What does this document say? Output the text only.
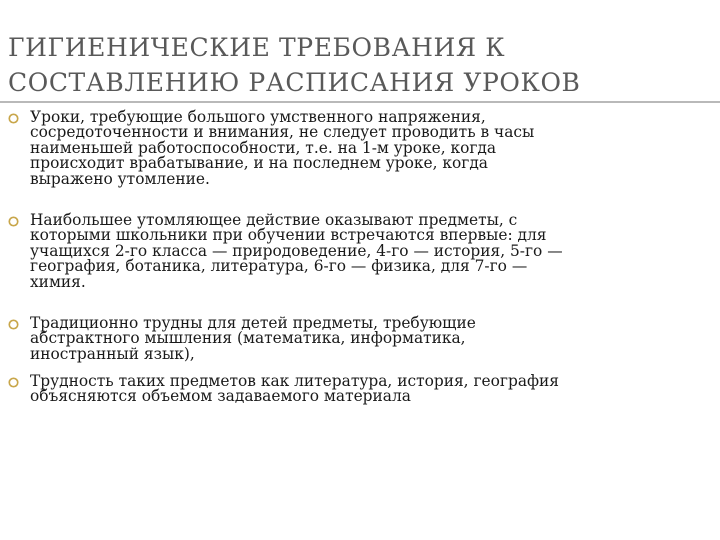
ГИГИЕНИЧЕСКИЕ ТРЕБОВАНИЯ К СОСТАВЛЕНИЮ РАСПИСАНИЯ УРОКОВ
Уроки, требующие большого умственного напряжения, сосредоточенности и внимания, не следует проводить в часы наименьшей работоспособности, т.е. на 1-м уроке, когда происходит врабатывание, и на последнем уроке, когда выражено утомление.
Наибольшее утомляющее действие оказывают предметы, с которыми школьники при обучении встречаются впервые: для учащихся 2-го класса — природоведение, 4-го — история, 5-го — география, ботаника, литература, 6-го — физика, для 7-го — химия.
Традиционно трудны для детей предметы, требующие абстрактного мышления (математика, информатика, иностранный язык),
Трудность таких предметов как литература, история, география объясняются объемом задаваемого материала
